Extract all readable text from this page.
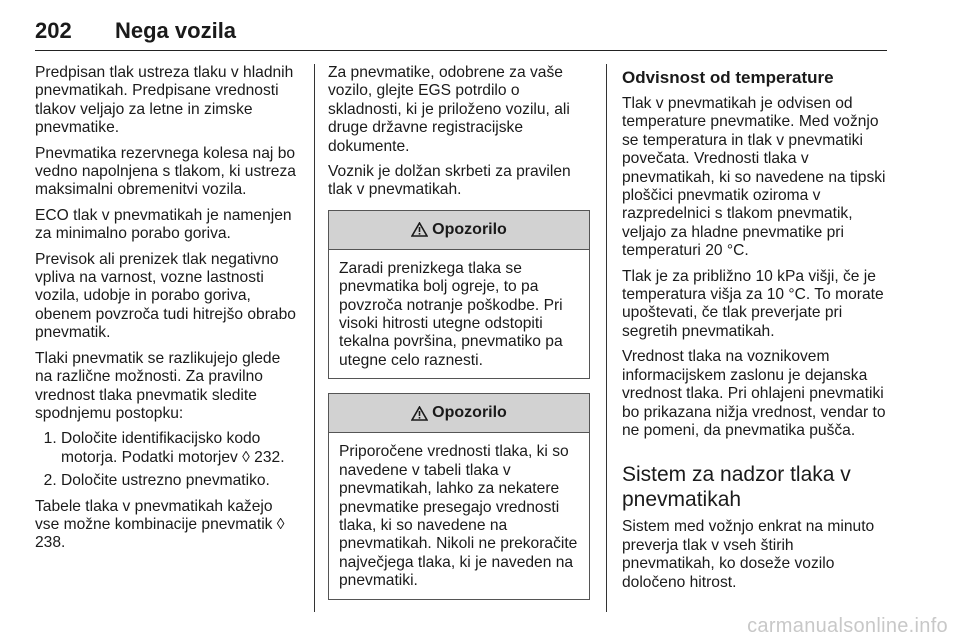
202 Nega vozila

Predpisan tlak ustreza tlaku v hladnih pnevmatikah. Predpisane vrednosti tlakov veljajo za letne in zimske pnevmatike.

Pnevmatika rezervnega kolesa naj bo vedno napolnjena s tlakom, ki ustreza maksimalni obremenitvi vozila.

ECO tlak v pnevmatikah je namenjen za minimalno porabo goriva.

Previsok ali prenizek tlak negativno vpliva na varnost, vozne lastnosti vozila, udobje in porabo goriva, obenem povzroča tudi hitrejšo obrabo pnevmatik.

Tlaki pnevmatik se razlikujejo glede na različne možnosti. Za pravilno vrednost tlaka pnevmatik sledite spodnjemu postopku:

1. Določite identifikacijsko kodo motorja. Podatki motorjev ◊ 232.
2. Določite ustrezno pnevmatiko.

Tabele tlaka v pnevmatikah kažejo vse možne kombinacije pnevmatik ◊ 238.

Za pnevmatike, odobrene za vaše vozilo, glejte EGS potrdilo o skladnosti, ki je priloženo vozilu, ali druge državne registracijske dokumente.

Voznik je dolžan skrbeti za pravilen tlak v pnevmatikah.

Opozorilo
Zaradi prenizkega tlaka se pnevmatika bolj ogreje, to pa povzroča notranje poškodbe. Pri visoki hitrosti utegne odstopiti tekalna površina, pnevmatiko pa utegne celo raznesti.
Opozorilo
Priporočene vrednosti tlaka, ki so navedene v tabeli tlaka v pnevmatikah, lahko za nekatere pnevmatike presegajo vrednosti tlaka, ki so navedene na pnevmatikah. Nikoli ne prekoračite največjega tlaka, ki je naveden na pnevmatiki.
Odvisnost od temperature

Tlak v pnevmatikah je odvisen od temperature pnevmatike. Med vožnjo se temperatura in tlak v pnevmatiki povečata. Vrednosti tlaka v pnevmatikah, ki so navedene na tipski ploščici pnevmatik oziroma v razpredelnici s tlakom pnevmatik, veljajo za hladne pnevmatike pri temperaturi 20 °C.

Tlak je za približno 10 kPa višji, če je temperatura višja za 10 °C. To morate upoštevati, če tlak preverjate pri segretih pnevmatikah.

Vrednost tlaka na voznikovem informacijskem zaslonu je dejanska vrednost tlaka. Pri ohlajeni pnevmatiki bo prikazana nižja vrednost, vendar to ne pomeni, da pnevmatika pušča.

Sistem za nadzor tlaka v pnevmatikah

Sistem med vožnjo enkrat na minuto preverja tlak v vseh štirih pnevmatikah, ko doseže vozilo določeno hitrost.

carmanualsonline.info
